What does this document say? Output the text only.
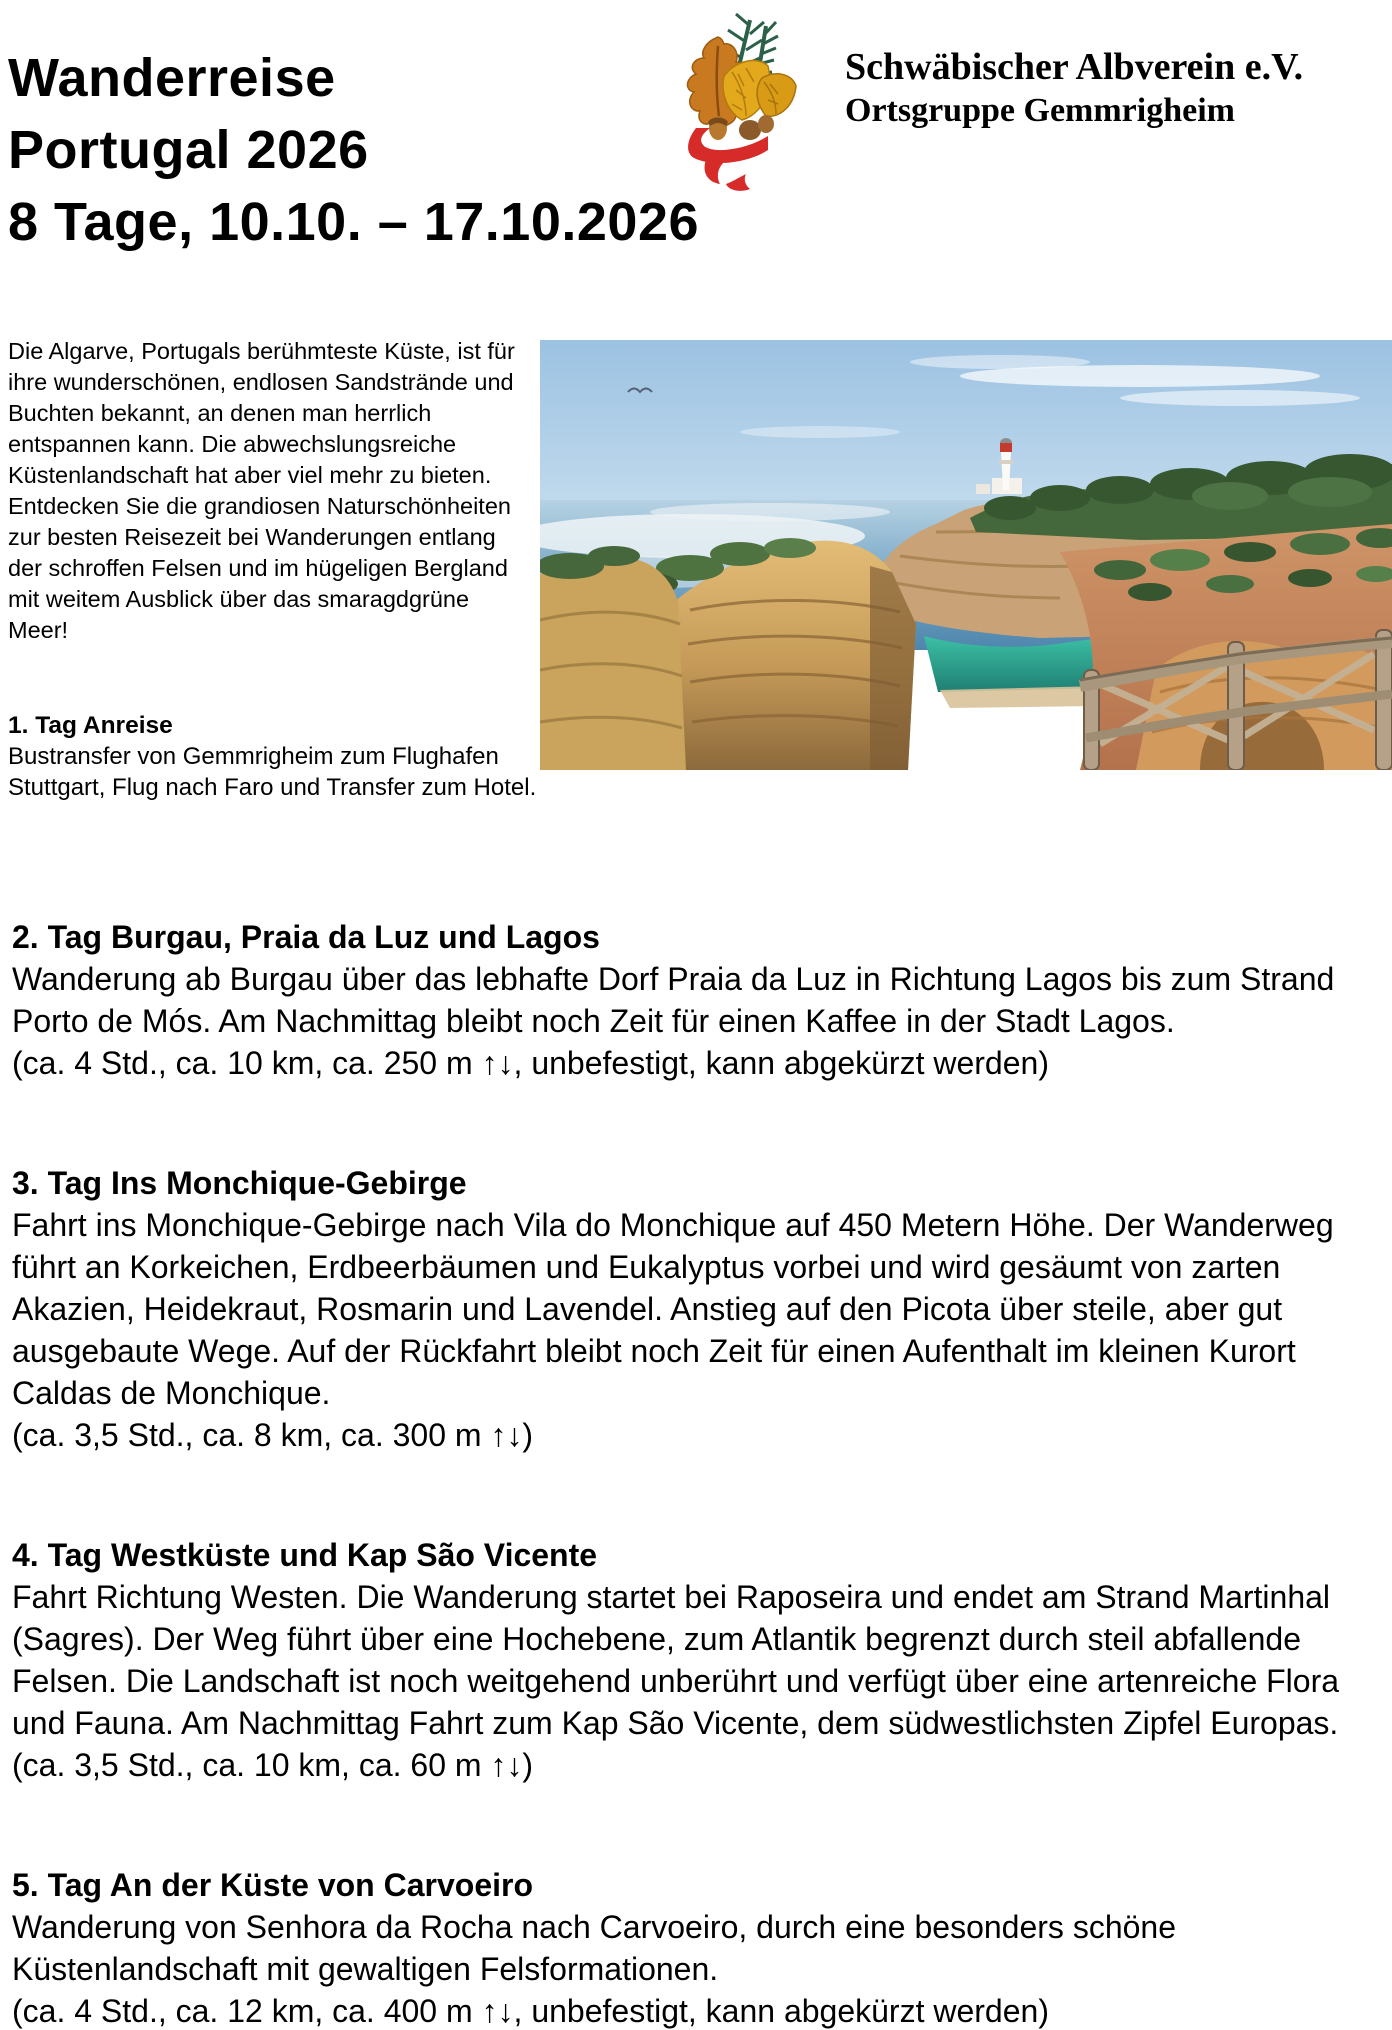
Wanderreise
Portugal 2026
8 Tage, 10.10. – 17.10.2026
Schwäbischer Albverein e.V.
Ortsgruppe Gemmrigheim
Die Algarve, Portugals berühmteste Küste, ist für ihre wunderschönen, endlosen Sandstrände und Buchten bekannt, an denen man herrlich entspannen kann. Die abwechslungsreiche Küstenlandschaft hat aber viel mehr zu bieten. Entdecken Sie die grandiosen Naturschönheiten zur besten Reisezeit bei Wanderungen entlang der schroffen Felsen und im hügeligen Bergland mit weitem Ausblick über das smaragdgrüne Meer!
1. Tag Anreise
Bustransfer von Gemmrigheim zum Flughafen Stuttgart, Flug nach Faro und Transfer zum Hotel.
2. Tag Burgau, Praia da Luz und Lagos
Wanderung ab Burgau über das lebhafte Dorf Praia da Luz in Richtung Lagos bis zum Strand Porto de Mós. Am Nachmittag bleibt noch Zeit für einen Kaffee in der Stadt Lagos.
(ca. 4 Std., ca. 10 km, ca. 250 m ↑↓, unbefestigt, kann abgekürzt werden)
3. Tag Ins Monchique-Gebirge
Fahrt ins Monchique-Gebirge nach Vila do Monchique auf 450 Metern Höhe. Der Wanderweg führt an Korkeichen, Erdbeerbäumen und Eukalyptus vorbei und wird gesäumt von zarten Akazien, Heidekraut, Rosmarin und Lavendel. Anstieg auf den Picota über steile, aber gut ausgebaute Wege. Auf der Rückfahrt bleibt noch Zeit für einen Aufenthalt im kleinen Kurort Caldas de Monchique.
(ca. 3,5 Std., ca. 8 km, ca. 300 m ↑↓)
4. Tag Westküste und Kap São Vicente
Fahrt Richtung Westen. Die Wanderung startet bei Raposeira und endet am Strand Martinhal (Sagres). Der Weg führt über eine Hochebene, zum Atlantik begrenzt durch steil abfallende Felsen. Die Landschaft ist noch weitgehend unberührt und verfügt über eine artenreiche Flora und Fauna. Am Nachmittag Fahrt zum Kap São Vicente, dem südwestlichsten Zipfel Europas.
(ca. 3,5 Std., ca. 10 km, ca. 60 m ↑↓)
5. Tag An der Küste von Carvoeiro
Wanderung von Senhora da Rocha nach Carvoeiro, durch eine besonders schöne Küstenlandschaft mit gewaltigen Felsformationen.
(ca. 4 Std., ca. 12 km, ca. 400 m ↑↓, unbefestigt, kann abgekürzt werden)
